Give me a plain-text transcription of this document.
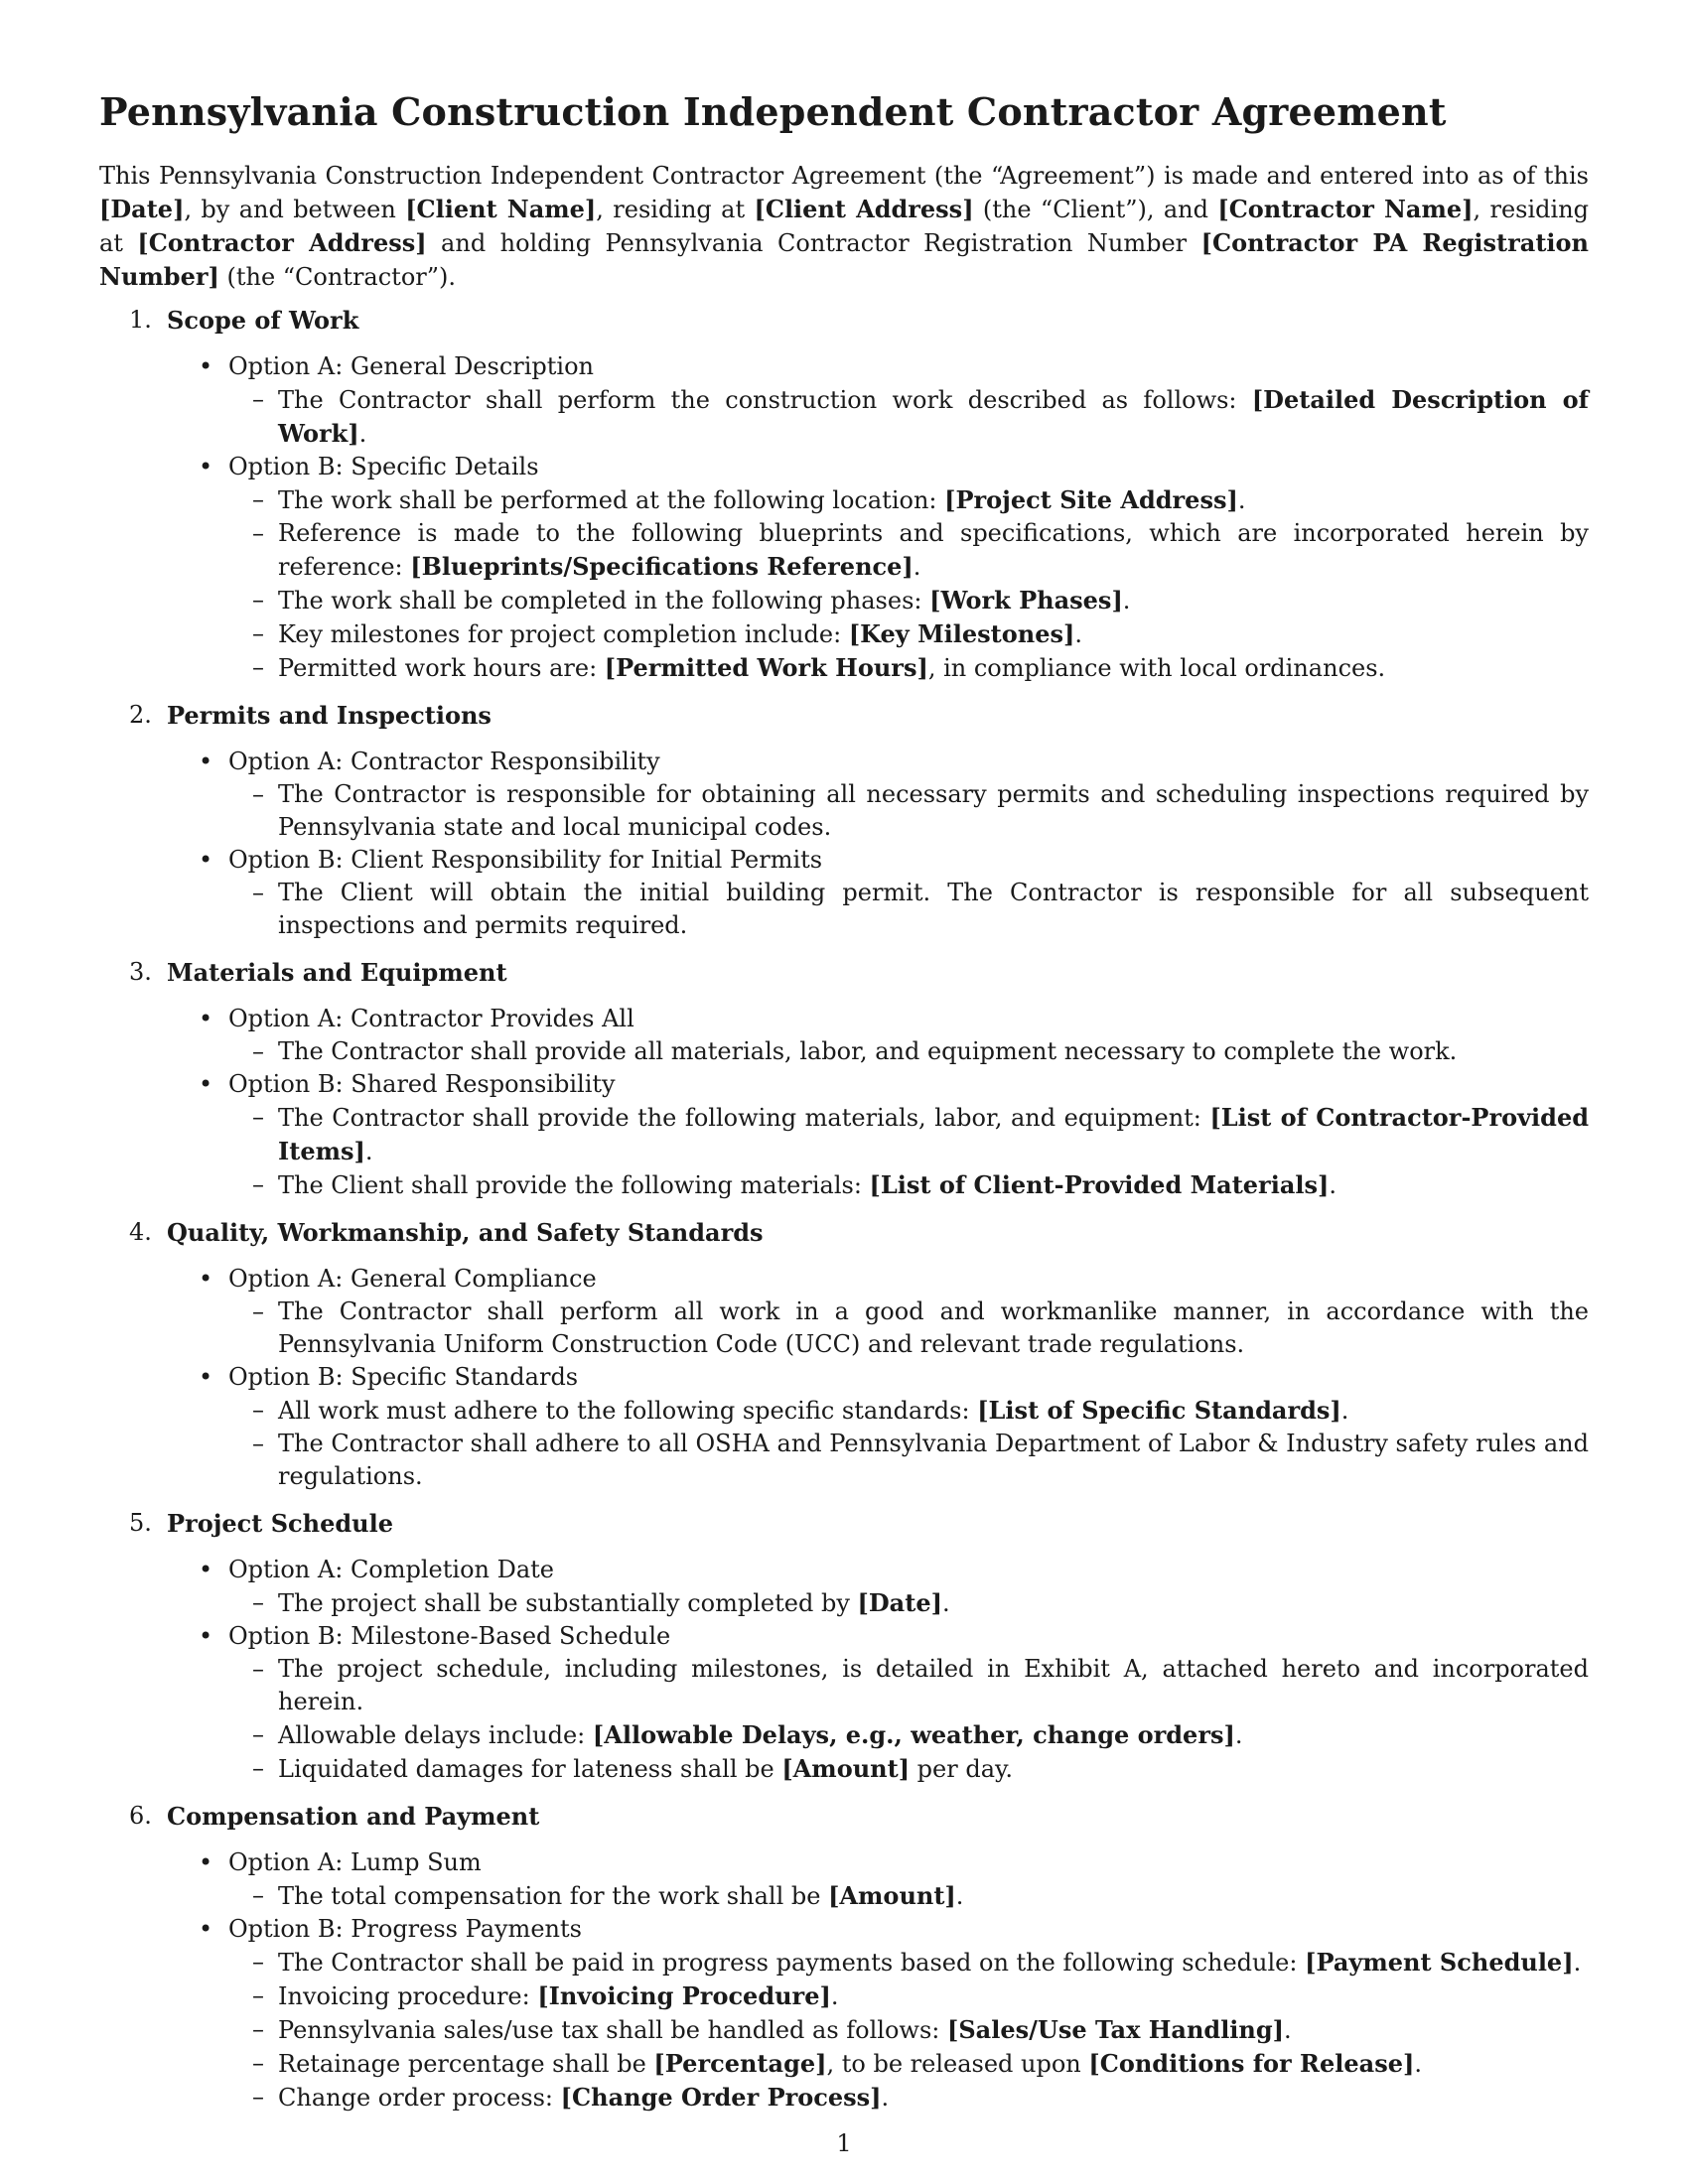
Pennsylvania Construction Independent Contractor Agreement

This Pennsylvania Construction Independent Contractor Agreement (the “Agreement”) is made and entered into as of this [Date], by and between [Client Name], residing at [Client Address] (the “Client”), and [Contractor Name], residing at [Contractor Address] and holding Pennsylvania Contractor Registration Number [Contractor PA Registration Number] (the “Contractor”).

1. Scope of Work
• Option A: General Description
– The Contractor shall perform the construction work described as follows: [Detailed Description of Work].
• Option B: Specific Details
– The work shall be performed at the following location: [Project Site Address].
– Reference is made to the following blueprints and specifications, which are incorporated herein by reference: [Blueprints/Specifications Reference].
– The work shall be completed in the following phases: [Work Phases].
– Key milestones for project completion include: [Key Milestones].
– Permitted work hours are: [Permitted Work Hours], in compliance with local ordinances.
2. Permits and Inspections
• Option A: Contractor Responsibility
– The Contractor is responsible for obtaining all necessary permits and scheduling inspections required by Pennsylvania state and local municipal codes.
• Option B: Client Responsibility for Initial Permits
– The Client will obtain the initial building permit. The Contractor is responsible for all subsequent inspections and permits required.
3. Materials and Equipment
• Option A: Contractor Provides All
– The Contractor shall provide all materials, labor, and equipment necessary to complete the work.
• Option B: Shared Responsibility
– The Contractor shall provide the following materials, labor, and equipment: [List of Contractor-Provided Items].
– The Client shall provide the following materials: [List of Client-Provided Materials].
4. Quality, Workmanship, and Safety Standards
• Option A: General Compliance
– The Contractor shall perform all work in a good and workmanlike manner, in accordance with the Pennsylvania Uniform Construction Code (UCC) and relevant trade regulations.
• Option B: Specific Standards
– All work must adhere to the following specific standards: [List of Specific Standards].
– The Contractor shall adhere to all OSHA and Pennsylvania Department of Labor & Industry safety rules and regulations.
5. Project Schedule
• Option A: Completion Date
– The project shall be substantially completed by [Date].
• Option B: Milestone-Based Schedule
– The project schedule, including milestones, is detailed in Exhibit A, attached hereto and incorporated herein.
– Allowable delays include: [Allowable Delays, e.g., weather, change orders].
– Liquidated damages for lateness shall be [Amount] per day.
6. Compensation and Payment
• Option A: Lump Sum
– The total compensation for the work shall be [Amount].
• Option B: Progress Payments
– The Contractor shall be paid in progress payments based on the following schedule: [Payment Schedule].
– Invoicing procedure: [Invoicing Procedure].
– Pennsylvania sales/use tax shall be handled as follows: [Sales/Use Tax Handling].
– Retainage percentage shall be [Percentage], to be released upon [Conditions for Release].
– Change order process: [Change Order Process].
1
